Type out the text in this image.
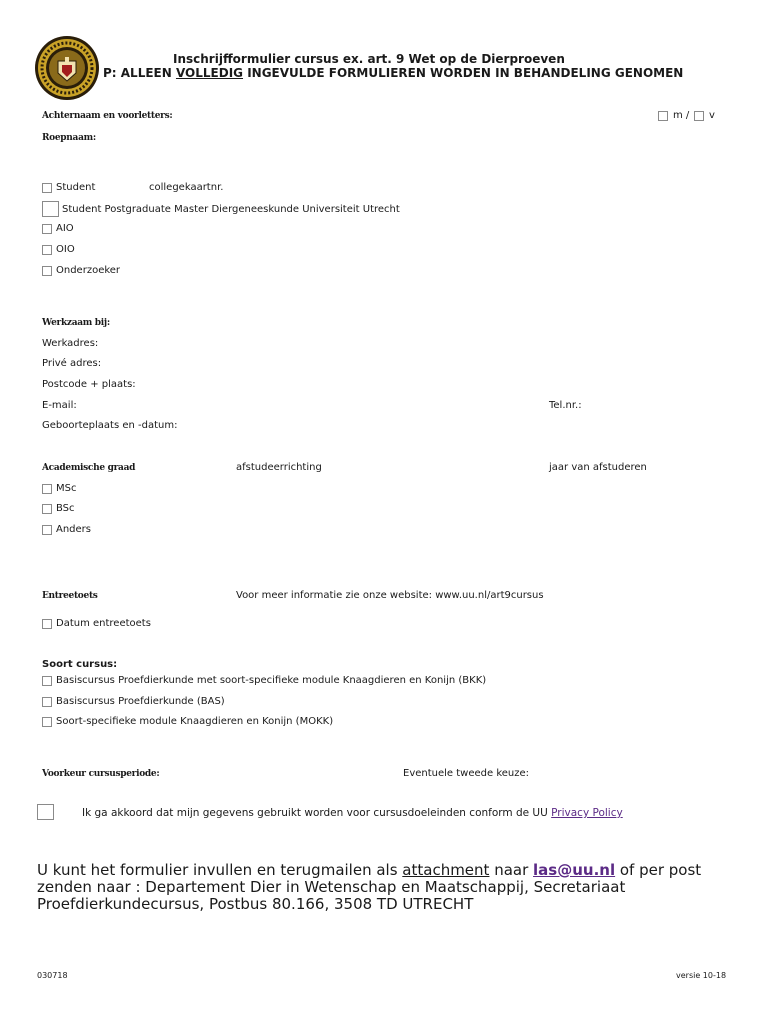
Inschrijfformulier cursus ex. art. 9 Wet op de Dierproeven
P: ALLEEN VOLLEDIG INGEVULDE FORMULIEREN WORDEN IN BEHANDELING GENOMEN
Achternaam en voorletters:	m / v
Roepnaam:
Student	collegekaartnr.
Student Postgraduate Master Diergeneeskunde Universiteit Utrecht
AIO
OIO
Onderzoeker
Werkzaam bij:
Werkadres:
Privé adres:
Postcode + plaats:
E-mail:	Tel.nr.:
Geboorteplaats en -datum:
Academische graad	afstudeerrichting	jaar van afstuderen
MSc
BSc
Anders
Entreetoets	Voor meer informatie zie onze website: www.uu.nl/art9cursus
Datum entreetoets
Soort cursus:
Basiscursus Proefdierkunde met soort-specifieke module Knaagdieren en Konijn (BKK)
Basiscursus Proefdierkunde (BAS)
Soort-specifieke module Knaagdieren en Konijn (MOKK)
Voorkeur cursusperiode:	Eventuele tweede keuze:
Ik ga akkoord dat mijn gegevens gebruikt worden voor cursusdoeleinden conform de UU Privacy Policy
U kunt het formulier invullen en terugmailen als attachment naar las@uu.nl of per post
zenden naar : Departement Dier in Wetenschap en Maatschappij, Secretariaat
Proefdierkundecursus, Postbus 80.166, 3508 TD UTRECHT
030718	versie 10-18
